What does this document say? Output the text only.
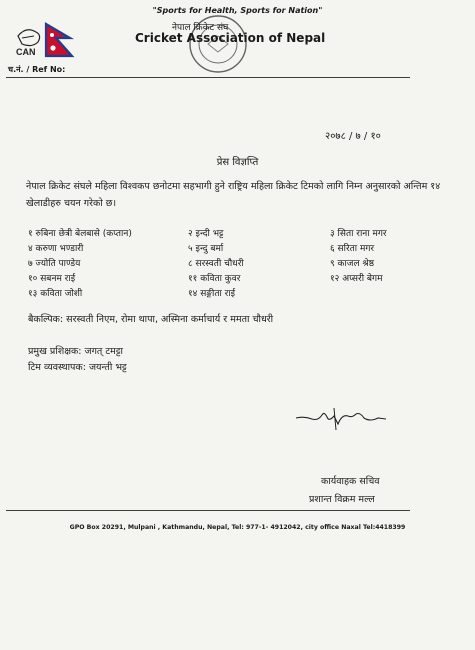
"Sports for Health, Sports for Nation"
CAN
नेपाल क्रिकेट संघ
Cricket Association of Nepal
च.नं. / Ref No:
२०७८ / ७ / १०
प्रेस विज्ञप्ति
नेपाल क्रिकेट संघले महिला विश्वकप छनोटमा सहभागी हुने राष्ट्रिय महिला क्रिकेट टिमको लागि निम्न अनुसारको अन्तिम १४ खेलाडीहरु चयन गरेको छ।
१ रुबिना छेत्री बेलबासे (कप्तान)	२ इन्दी भट्ट	३ सिता राना मगर
४ करुणा भण्डारी	५ इन्दु बर्मा	६ सरिता मगर
७ ज्योति पाण्डेय	८ सरस्वती चौधरी	९ काजल श्रेष्ठ
१० सबनम राई	११ कविता कुवर	१२ अप्सरी बेगम
१३ कविता जोशी	१४ सङ्गीता राई
बैकल्पिक: सरस्वती निएम, रोमा थापा, अस्मिना कर्माचार्य र ममता चौधरी
प्रमुख प्रशिक्षक: जगत् टमट्टा
टिम व्यवस्थापक: जयन्ती भट्ट
कार्यवाहक सचिव
प्रशान्त विक्रम मल्ल
GPO Box 20291, Mulpani , Kathmandu, Nepal, Tel: 977-1- 4912042, city office Naxal Tel:4418399
